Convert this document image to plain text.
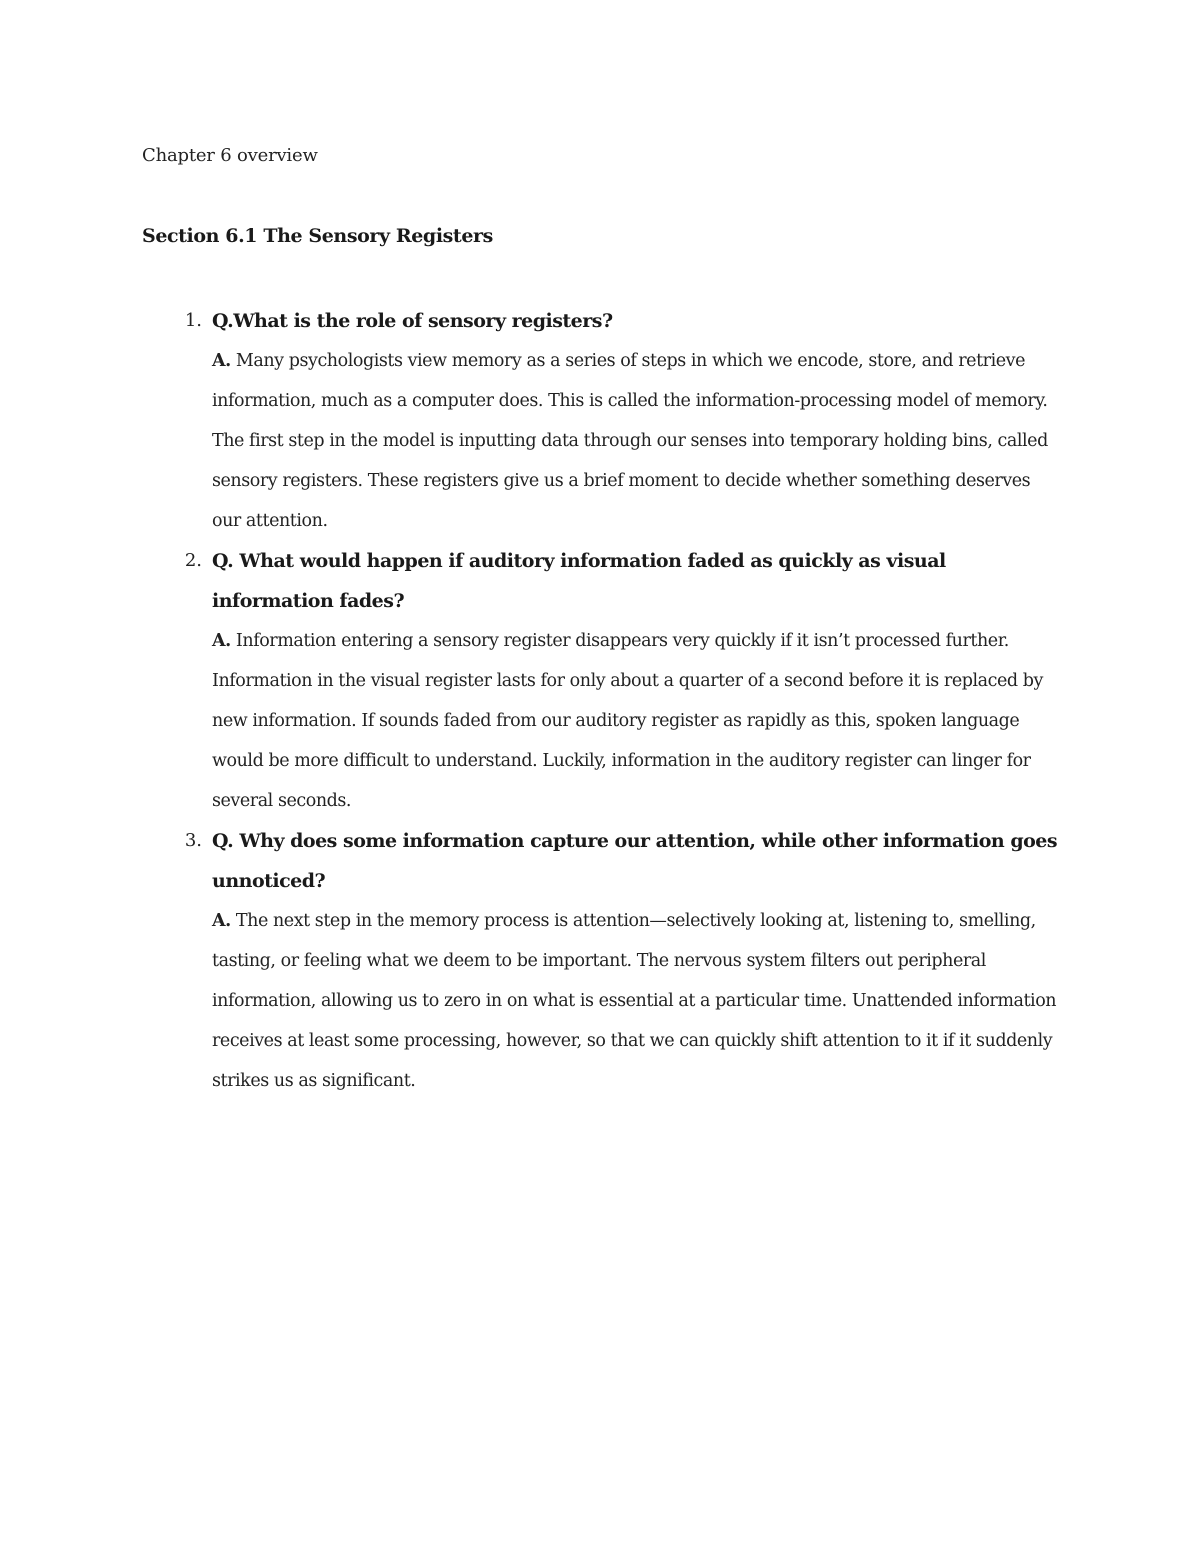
Chapter 6 overview
Section 6.1 The Sensory Registers
1. Q.What is the role of sensory registers?

A. Many psychologists view memory as a series of steps in which we encode, store, and retrieve information, much as a computer does. This is called the information-processing model of memory. The first step in the model is inputting data through our senses into temporary holding bins, called sensory registers. These registers give us a brief moment to decide whether something deserves our attention.

2. Q. What would happen if auditory information faded as quickly as visual information fades?

A. Information entering a sensory register disappears very quickly if it isn’t processed further. Information in the visual register lasts for only about a quarter of a second before it is replaced by new information. If sounds faded from our auditory register as rapidly as this, spoken language would be more difficult to understand. Luckily, information in the auditory register can linger for several seconds.

3. Q. Why does some information capture our attention, while other information goes unnoticed?

A. The next step in the memory process is attention—selectively looking at, listening to, smelling, tasting, or feeling what we deem to be important. The nervous system filters out peripheral information, allowing us to zero in on what is essential at a particular time. Unattended information receives at least some processing, however, so that we can quickly shift attention to it if it suddenly strikes us as significant.
